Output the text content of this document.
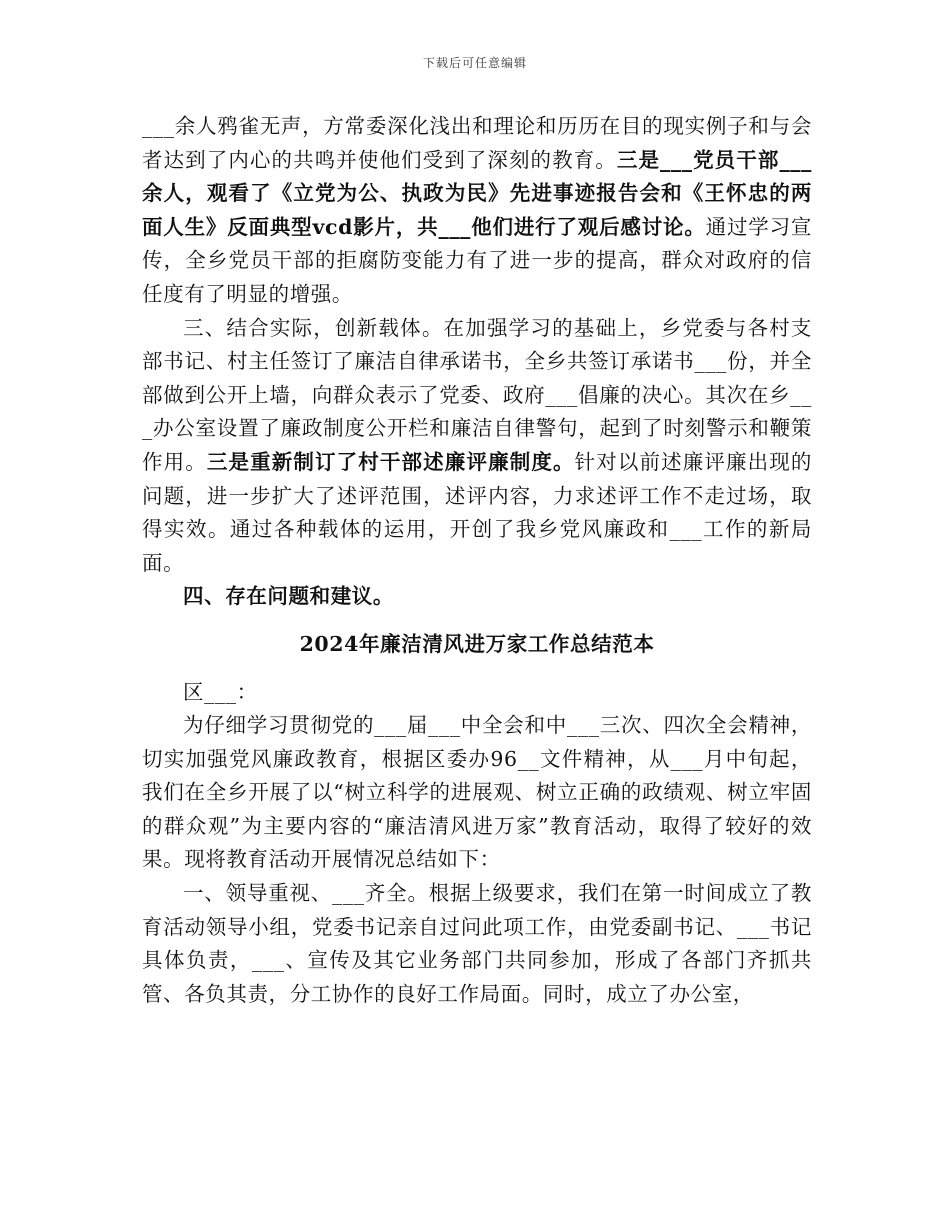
下载后可任意编辑

___余人鸦雀无声，方常委深化浅出和理论和历历在目的现实例子和与会者达到了内心的共鸣并使他们受到了深刻的教育。三是___党员干部___余人，观看了《立党为公、执政为民》先进事迹报告会和《王怀忠的两面人生》反面典型vcd影片，共___他们进行了观后感讨论。通过学习宣传，全乡党员干部的拒腐防变能力有了进一步的提高，群众对政府的信任度有了明显的增强。

三、结合实际，创新载体。在加强学习的基础上，乡党委与各村支部书记、村主任签订了廉洁自律承诺书，全乡共签订承诺书___份，并全部做到公开上墙，向群众表示了党委、政府___倡廉的决心。其次在乡___办公室设置了廉政制度公开栏和廉洁自律警句，起到了时刻警示和鞭策作用。三是重新制订了村干部述廉评廉制度。针对以前述廉评廉出现的问题，进一步扩大了述评范围，述评内容，力求述评工作不走过场，取得实效。通过各种载体的运用，开创了我乡党风廉政和___工作的新局面。

四、存在问题和建议。

2024年廉洁清风进万家工作总结范本

区___：

为仔细学习贯彻党的___届___中全会和中___三次、四次全会精神，切实加强党风廉政教育，根据区委办96__文件精神，从___月中旬起，我们在全乡开展了以“树立科学的进展观、树立正确的政绩观、树立牢固的群众观”为主要内容的“廉洁清风进万家”教育活动，取得了较好的效果。现将教育活动开展情况总结如下：

一、领导重视、___齐全。根据上级要求，我们在第一时间成立了教育活动领导小组，党委书记亲自过问此项工作，由党委副书记、___书记具体负责，___、宣传及其它业务部门共同参加，形成了各部门齐抓共管、各负其责，分工协作的良好工作局面。同时，成立了办公室，
